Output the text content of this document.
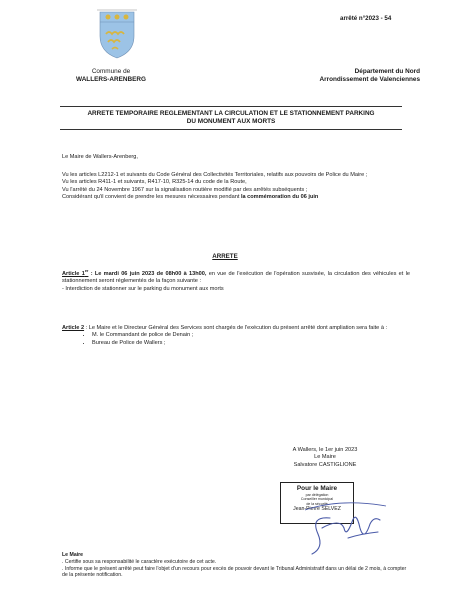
arrêté n°2023 - 54
Commune de
WALLERS-ARENBERG
Département du Nord
Arrondissement de Valenciennes
ARRETE TEMPORAIRE REGLEMENTANT LA CIRCULATION ET LE STATIONNEMENT PARKING
DU MONUMENT AUX MORTS
Le Maire de Wallers-Arenberg,
Vu les articles L2212-1 et suivants du Code Général des Collectivités Territoriales, relatifs aux pouvoirs de Police du Maire ;
Vu les articles R411-1 et suivants, R417-10, R325-14 du code de la Route,
Vu l'arrêté du 24 Novembre 1967 sur la signalisation routière modifié par des arrêtés subséquents ;
Considérant qu'il convient de prendre les mesures nécessaires pendant la commémoration du 06 juin
ARRETE
Article 1er : Le mardi 06 juin 2023 de 08h00 à 13h00, en vue de l'exécution de l'opération susvisée, la circulation des véhicules et le stationnement seront réglementés de la façon suivante :
- Interdiction de stationner sur le parking du monument aux morts
Article 2 : Le Maire et le Directeur Général des Services sont chargés de l'exécution du présent arrêté dont ampliation sera faite à :
• M. le Commandant de police de Denain ;
• Bureau de Police de Wallers ;
A Wallers, le 1er juin 2023
Le Maire
Salvatore CASTIGLIONE
Pour le Maire
par délégation
Conseiller municipal
de la sécurité
Jean-Pierre SELVEZ
Le Maire
. Certifie sous sa responsabilité le caractère exécutoire de cet acte.
. Informe que le présent arrêté peut faire l'objet d'un recours pour excès de pouvoir devant le Tribunal Administratif dans un délai de 2 mois, à compter de la présente notification.
